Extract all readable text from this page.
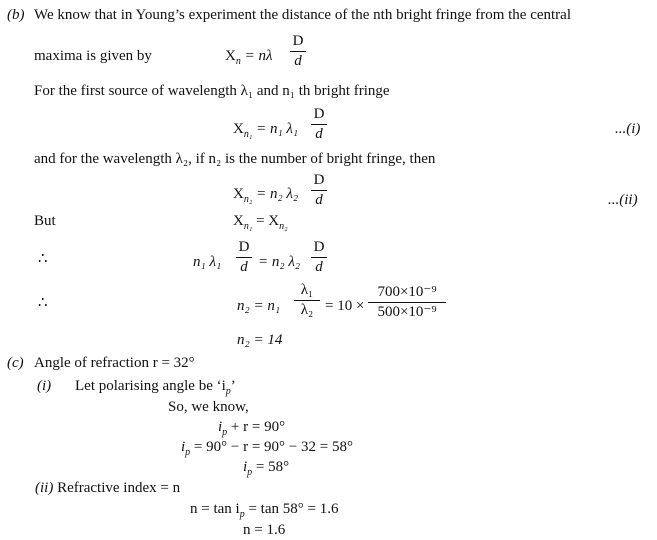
(b) We know that in Young’s experiment the distance of the nth bright fringe from the central
maxima is given by	$X_n = n\lambda \frac{D}{d}$
For the first source of wavelength λ₁ and n₁ th bright fringe
$X_{n_1} = n_1$ $\lambda_1 \frac{D}{d}$	...(i)
and for the wavelength λ₂, if n₂ is the number of bright fringe, then
$X_{n_2} = n_2$ $\lambda_2 \frac{D}{d}$	...(ii)
But	$X_{n_1} = X_{n_2}$
∴	n₁ $\lambda_1 \frac{D}{d} = n_2$ $\lambda_2 \frac{D}{d}$
∴	$n_2 = n_1 \frac{\text{λ₁}}{\text{λ₂}} = 10 \times \frac{\text{700×10⁻⁹}}{\text{500×10⁻⁹}}$
n₂ = 14
(c) Angle of refraction r = 32°
(i) Let polarising angle be ‘$i_p$’
So, we know,
$i_p + r = 90^\circ$
$i_p = 90^\circ - r = 90^\circ - 32 = 58^\circ$
$i_p = 58^\circ$
(ii) Refractive index = n
$n = \tan i_p = \tan 58^\circ = 1.6$
n = 1.6
